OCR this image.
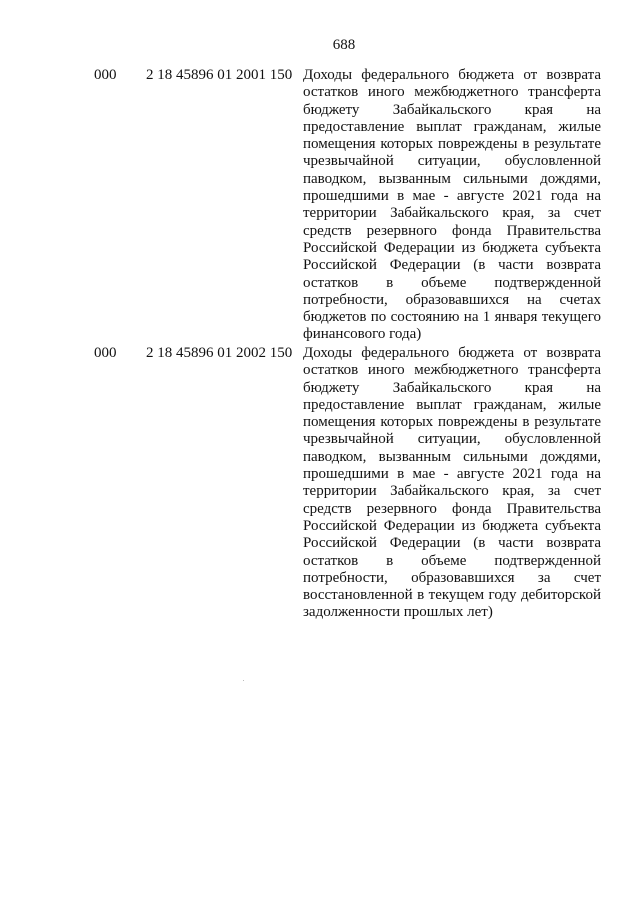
688
000 2 18 45896 01 2001 150 Доходы федерального бюджета от возврата
остатков иного межбюджетного трансферта
бюджету Забайкальского края на
предоставление выплат гражданам, жилые
помещения которых повреждены в результате
чрезвычайной ситуации, обусловленной
паводком, вызванным сильными дождями,
прошедшими в мае - августе 2021 года на
территории Забайкальского края, за счет
средств резервного фонда Правительства
Российской Федерации из бюджета субъекта
Российской Федерации (в части возврата
остатков в объеме подтвержденной
потребности, образовавшихся на счетах
бюджетов по состоянию на 1 января текущего
финансового года)
000 2 18 45896 01 2002 150 Доходы федерального бюджета от возврата
остатков иного межбюджетного трансферта
бюджету Забайкальского края на
предоставление выплат гражданам, жилые
помещения которых повреждены в результате
чрезвычайной ситуации, обусловленной
паводком, вызванным сильными дождями,
прошедшими в мае - августе 2021 года на
территории Забайкальского края, за счет
средств резервного фонда Правительства
Российской Федерации из бюджета субъекта
Российской Федерации (в части возврата
остатков в объеме подтвержденной
потребности, образовавшихся за счет
восстановленной в текущем году дебиторской
задолженности прошлых лет)
